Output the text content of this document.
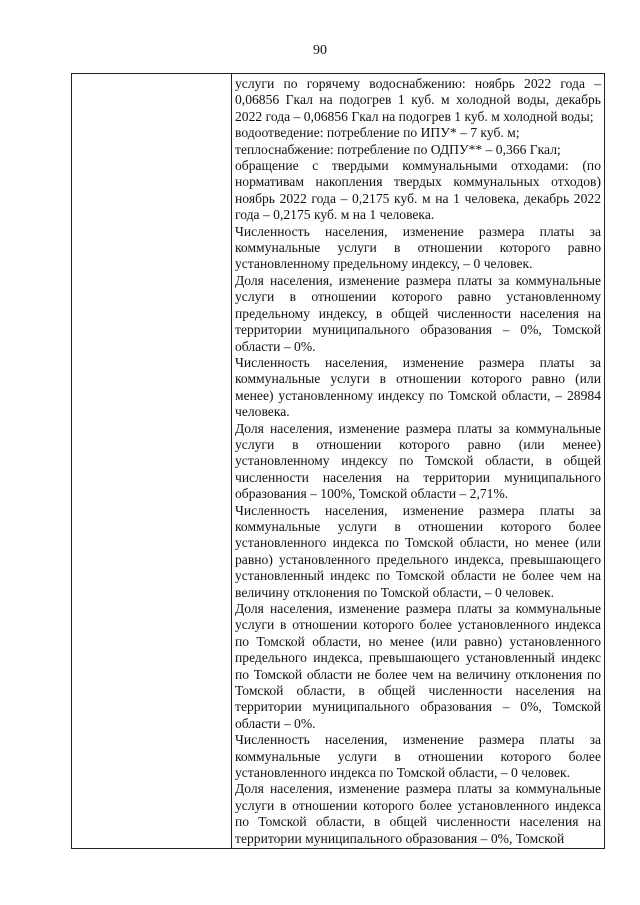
90

услуги по горячему водоснабжению: ноябрь 2022 года – 0,06856 Гкал на подогрев 1 куб. м холодной воды, декабрь 2022 года – 0,06856 Гкал на подогрев 1 куб. м холодной воды;

водоотведение: потребление по ИПУ* – 7 куб. м;

теплоснабжение: потребление по ОДПУ** – 0,366 Гкал;

обращение с твердыми коммунальными отходами: (по нормативам накопления твердых коммунальных отходов) ноябрь 2022 года – 0,2175 куб. м на 1 человека, декабрь 2022 года – 0,2175 куб. м на 1 человека.

Численность населения, изменение размера платы за коммунальные услуги в отношении которого равно установленному предельному индексу, – 0 человек.

Доля населения, изменение размера платы за коммунальные услуги в отношении которого равно установленному предельному индексу, в общей численности населения на территории муниципального образования – 0%, Томской области – 0%.

Численность населения, изменение размера платы за коммунальные услуги в отношении которого равно (или менее) установленному индексу по Томской области, – 28984 человека.

Доля населения, изменение размера платы за коммунальные услуги в отношении которого равно (или менее) установленному индексу по Томской области, в общей численности населения на территории муниципального образования – 100%, Томской области – 2,71%.

Численность населения, изменение размера платы за коммунальные услуги в отношении которого более установленного индекса по Томской области, но менее (или равно) установленного предельного индекса, превышающего установленный индекс по Томской области не более чем на величину отклонения по Томской области, – 0 человек.

Доля населения, изменение размера платы за коммунальные услуги в отношении которого более установленного индекса по Томской области, но менее (или равно) установленного предельного индекса, превышающего установленный индекс по Томской области не более чем на величину отклонения по Томской области, в общей численности населения на территории муниципального образования – 0%, Томской области – 0%.

Численность населения, изменение размера платы за коммунальные услуги в отношении которого более установленного индекса по Томской области, – 0 человек.

Доля населения, изменение размера платы за коммунальные услуги в отношении которого более установленного индекса по Томской области, в общей численности населения на территории муниципального образования – 0%, Томской
